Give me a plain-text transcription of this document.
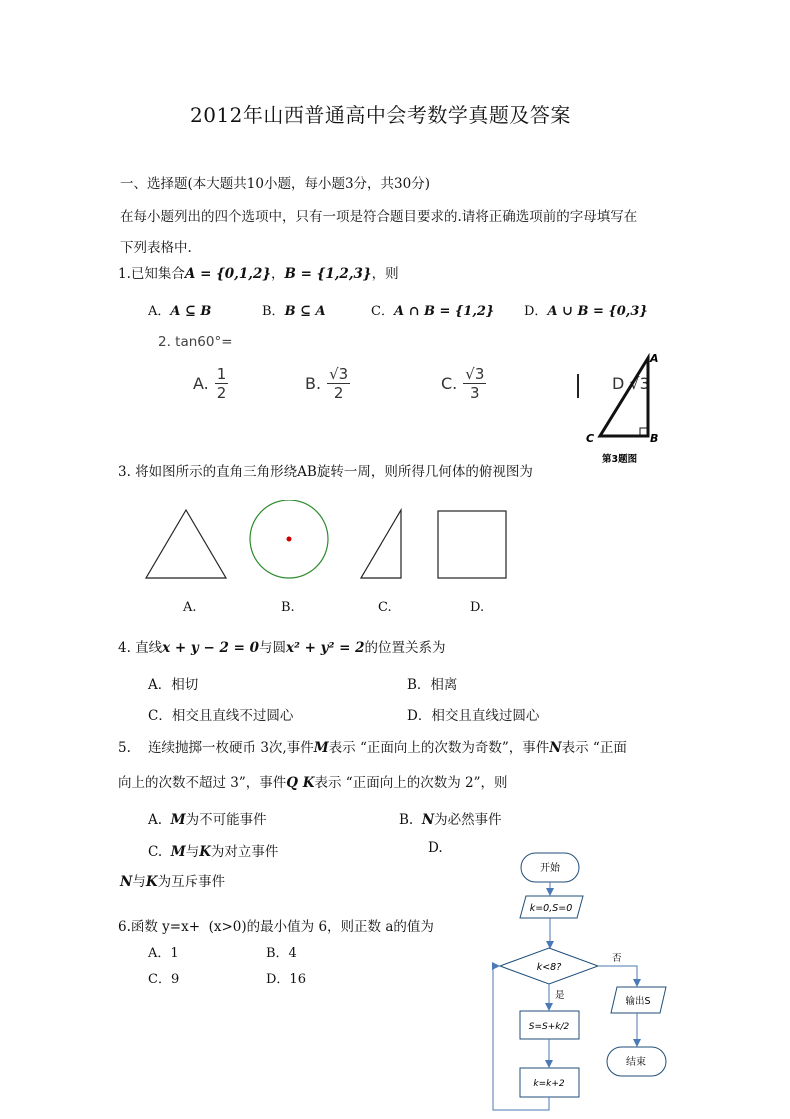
2012年山西普通高中会考数学真题及答案
一、选择题(本大题共10小题，每小题3分，共30分)
在每小题列出的四个选项中，只有一项是符合题目要求的.请将正确选项前的字母填写在
下列表格中.
1.已知集合A = {0,1,2}，B = {1,2,3}，则
A．A ⊆ B	B．B ⊆ A	C．A ∩ B = {1,2} D．A ∪ B = {0,3}
2. tan60°=
A. $\frac{1}{2}$	B. $\frac{√3}{2}$	C. $\frac{√3}{3}$	D √3
A
B
C
第3题图
3. 将如图所示的直角三角形绕AB旋转一周，则所得几何体的俯视图为
A.	B.	C.	D.
4. 直线x + y − 2 = 0与圆x² + y² = 2的位置关系为
A．相切	B．相离
C．相交且直线不过圆心	D．相交且直线过圆心
5.    连续抛掷一枚硬币 3次,事件M表示 “正面向上的次数为奇数”，事件N表示 “正面
向上的次数不超过 3”，事件Q K表示 “正面向上的次数为 2”，则
A. M为不可能事件	B. N为必然事件
C. M与K为对立事件	D.
N与K为互斥事件
6.函数 y=x+  (x>0)的最小值为 6，则正数 a的值为
A．1	B．4
C．9	D．16
开始
k=0,S=0
k<8?
否
输出S
结束
是
S=S+k/2
k=k+2
